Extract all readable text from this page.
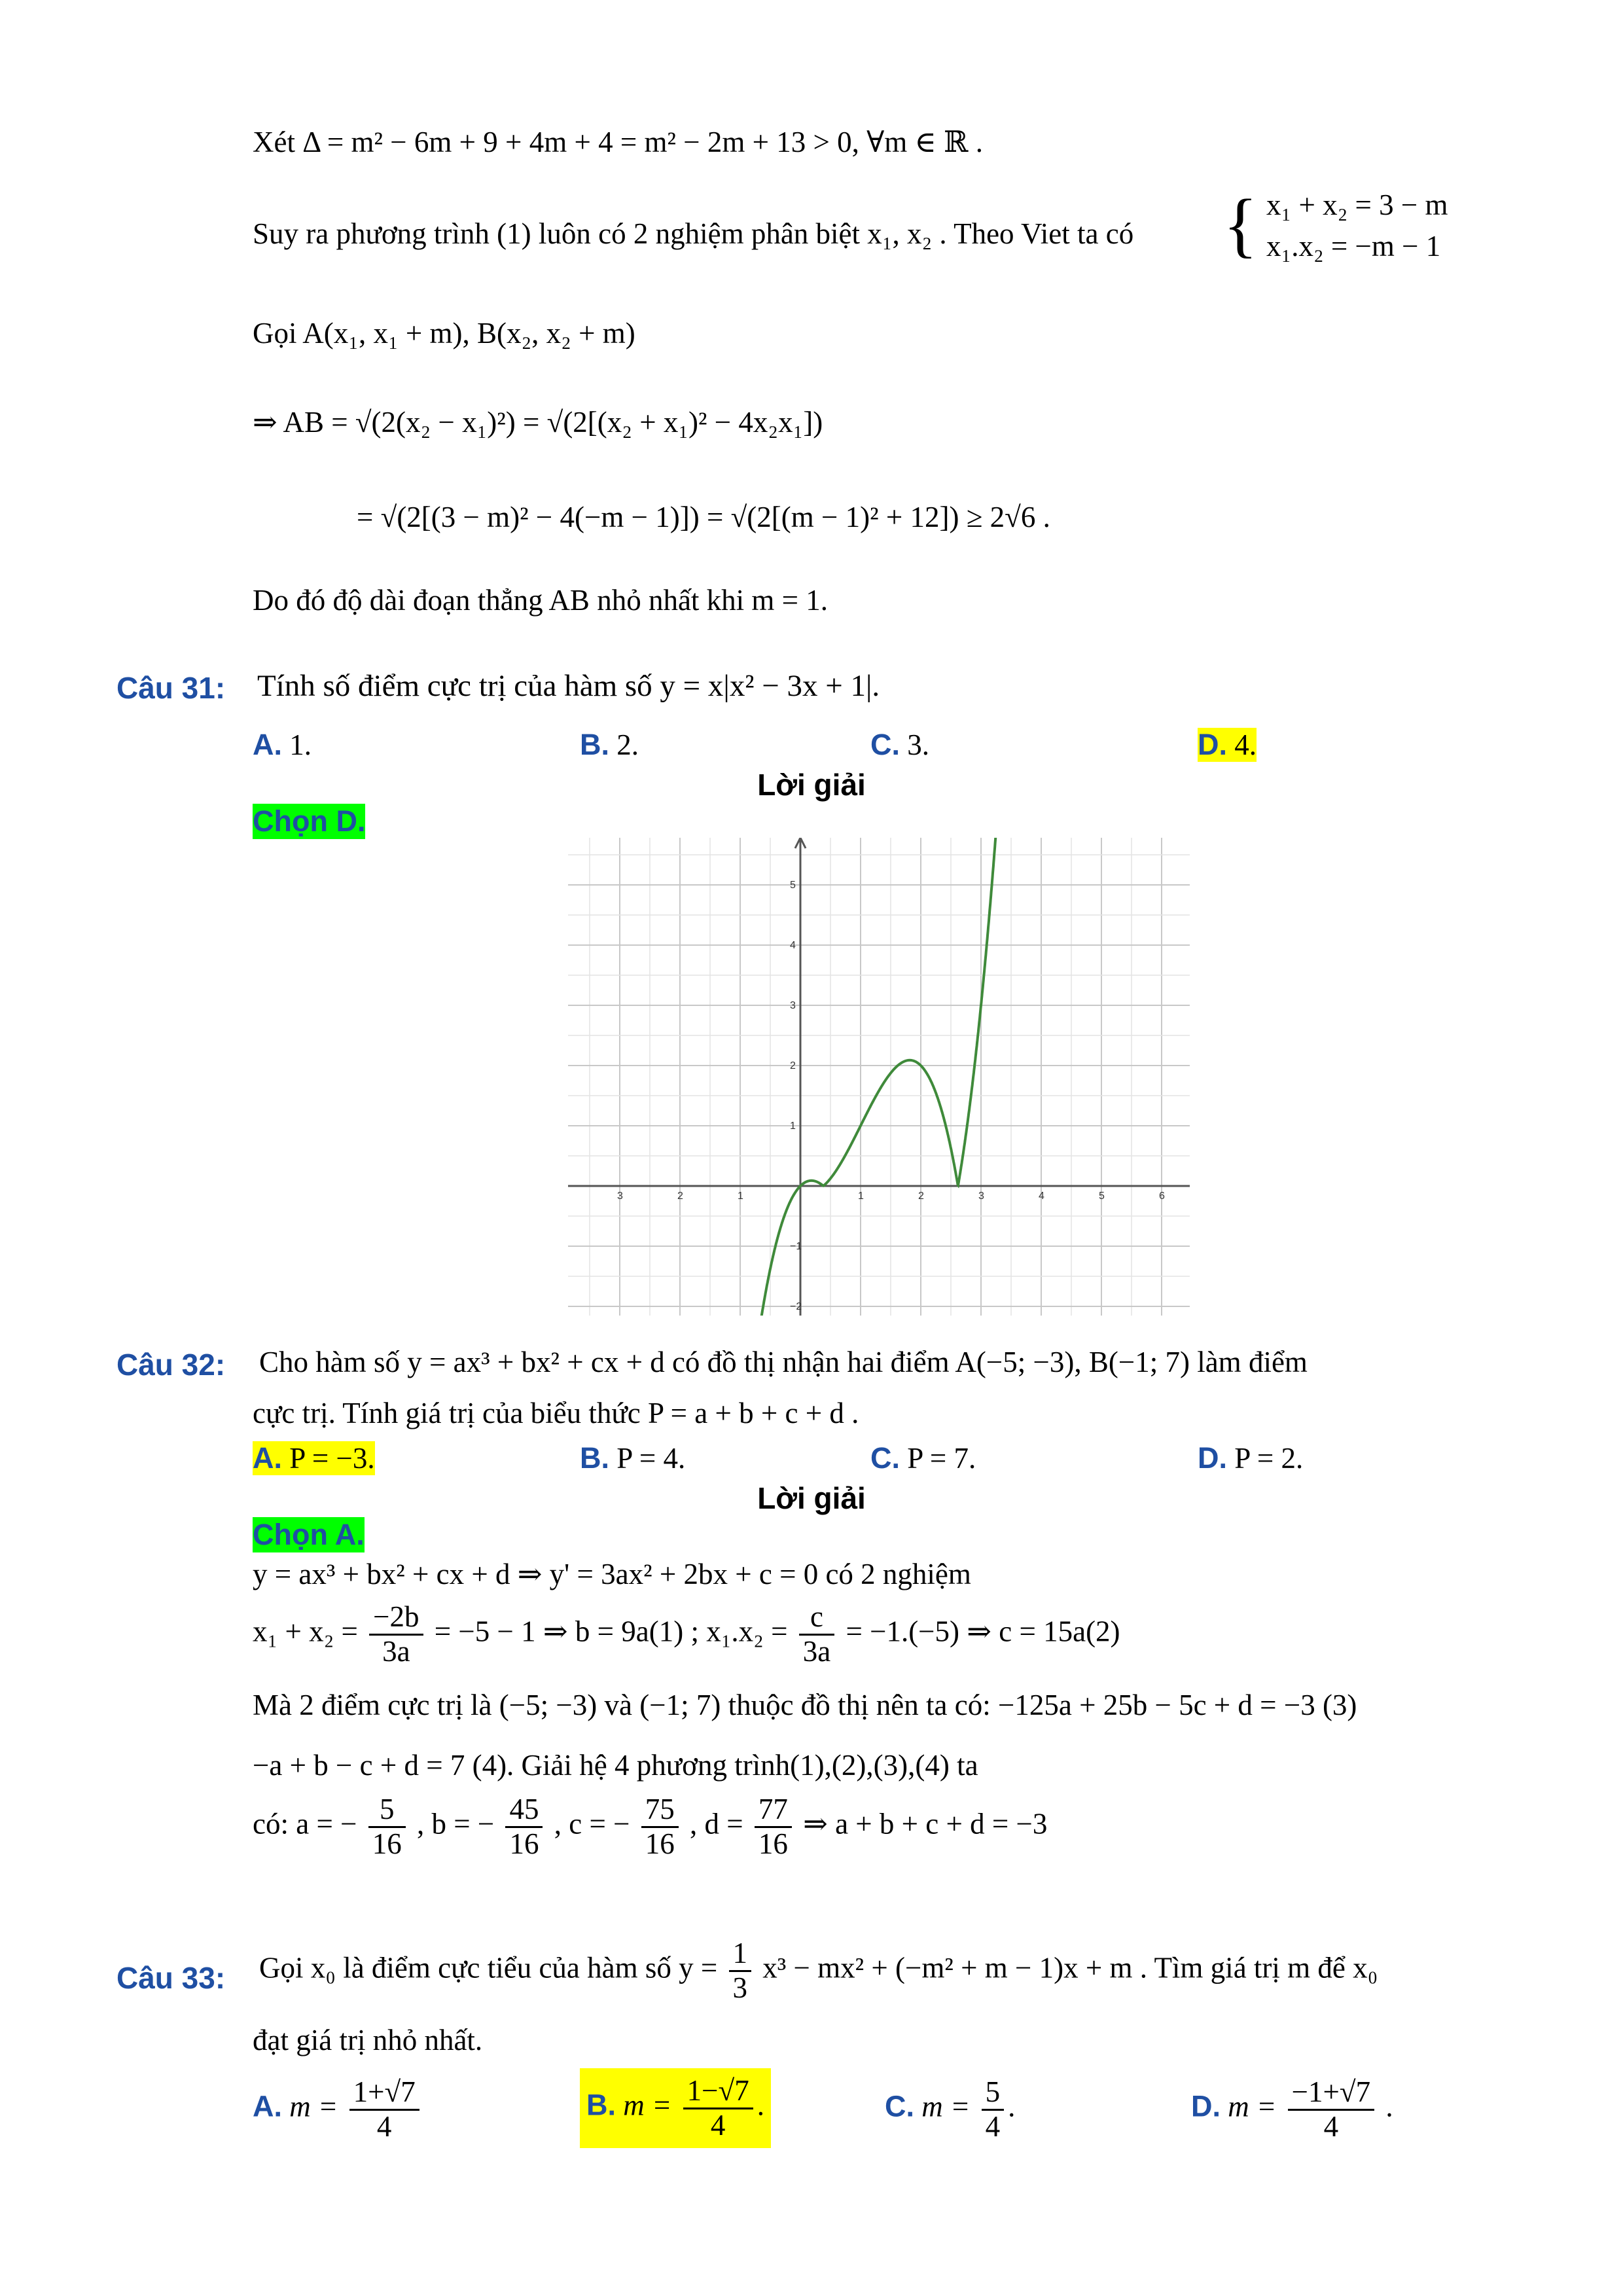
Xét Δ = m² − 6m + 9 + 4m + 4 = m² − 2m + 13 > 0, ∀m ∈ ℝ .
Suy ra phương trình (1) luôn có 2 nghiệm phân biệt x₁, x₂ . Theo Viet ta có { x₁ + x₂ = 3 − m
x₁.x₂ = −m − 1
Gọi A(x₁, x₁ + m), B(x₂, x₂ + m)
⇒ AB = √(2(x₂ − x₁)²) = √(2[(x₂ + x₁)² − 4x₂x₁])
= √(2[(3 − m)² − 4(−m − 1)]) = √(2[(m − 1)² + 12]) ≥ 2√6 .
Do đó độ dài đoạn thẳng AB nhỏ nhất khi m = 1.
Câu 31: Tính số điểm cực trị của hàm số y = x|x² − 3x + 1|.
A. 1.	B. 2.	C. 3.	D. 4.
Lời giải
Chọn D.
3	2	1	1	2	3	4	5	6
5
4
3
2
1
−1
−2
Câu 32: Cho hàm số y = ax³ + bx² + cx + d có đồ thị nhận hai điểm A(−5; −3), B(−1; 7) làm điểm
cực trị. Tính giá trị của biểu thức P = a + b + c + d .
A. P = −3.	B. P = 4.	C. P = 7.	D. P = 2.
Lời giải
Chọn A.
y = ax³ + bx² + cx + d ⇒ y' = 3ax² + 2bx + c = 0 có 2 nghiệm
$x_1 + x_2 = \frac{-2b}{3a} = -5 - 1$ ⇒ b = 9a(1) ; $x_1.x_2 = \frac{c}{3a} = -1.(-5)$ ⇒ c = 15a(2)
Mà 2 điểm cực trị là (−5; −3) và (−1; 7) thuộc đồ thị nên ta có: −125a + 25b − 5c + d = −3 (3)
−a + b − c + d = 7 (4). Giải hệ 4 phương trình(1),(2),(3),(4) ta
có: a = − $\frac{5}{16}$ , b = − $\frac{45}{16}$ , c = − $\frac{75}{16}$ , $d = \frac{77}{16}$ ⇒ a + b + c + d = −3
Câu 33: Gọi x₀ là điểm cực tiểu của hàm số $y = \frac{1}{3} x^3 - mx^2 + (-m^2 + m - 1)x + m$ . Tìm giá trị m để x₀
đạt giá trị nhỏ nhất.
A. $m = \frac{1+√7}{4}$	B. $m = \frac{1-√7}{4}$ .	C. $m = \frac{5}{4}$ .	D. $m = \frac{-1+√7}{4}$ .
